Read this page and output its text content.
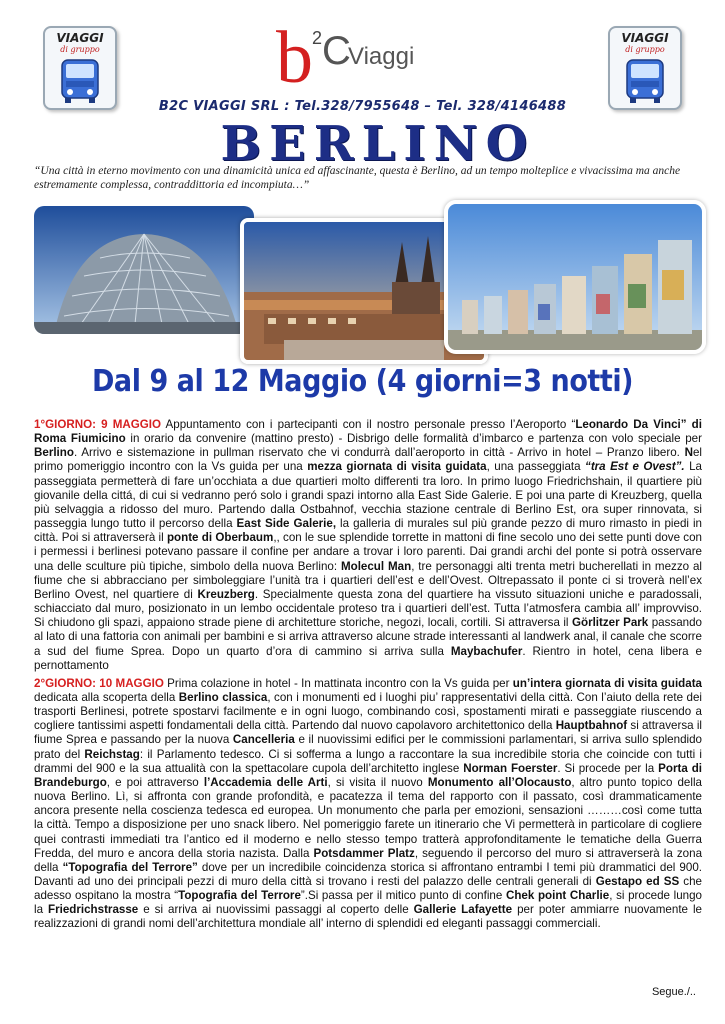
VIAGGI
di gruppo
VIAGGI
di gruppo
b 2 C
Viaggi
B2C VIAGGI SRL : Tel.328/7955648 – Tel. 328/4146488
BERLINO
“Una città in eterno movimento con una dinamicità unica ed affascinante, questa è Berlino, ad un tempo molteplice e vivacissima ma anche estremamente complessa, contraddittoria ed incompiuta…”
Dal 9 al 12 Maggio (4 giorni=3 notti)

1°GIORNO: 9 MAGGIO Appuntamento con i partecipanti con il nostro personale presso l’Aeroporto “Leonardo Da Vinci” di Roma Fiumicino in orario da convenire (mattino presto) - Disbrigo delle formalità d’imbarco e partenza con volo speciale per Berlino. Arrivo e sistemazione in pullman riservato che vi condurrà dall’aeroporto in città - Arrivo in hotel – Pranzo libero. Nel primo pomeriggio incontro con la Vs guida per una mezza giornata di visita guidata, una passeggiata “tra Est e Ovest”. La passeggiata permetterà di fare un’occhiata a due quartieri molto differenti tra loro. In primo luogo Friedrichshain, il quartiere più giovanile della cittá, di cui si vedranno peró solo i grandi spazi intorno alla East Side Galerie. E poi una parte di Kreuzberg, quella più selvaggia a ridosso del muro. Partendo dalla Ostbahnof, vecchia stazione centrale di Berlino Est, ora super rinnovata, si passeggia lungo tutto il percorso della East Side Galerie, la galleria di murales sul più grande pezzo di muro rimasto in piedi in città. Poi si attraverserà il ponte di Oberbaum,, con le sue splendide torrette in mattoni di fine secolo uno dei sette punti dove con i permessi i berlinesi potevano passare il confine per andare a trovar i loro parenti. Dai grandi archi del ponte si potrà osservare una delle sculture più tipiche, simbolo della nuova Berlino: Molecul Man, tre personaggi alti trenta metri bucherellati in mezzo al fiume che si abbracciano per simboleggiare l’unità tra i quartieri dell’est e dell’Ovest. Oltrepassato il ponte ci si troverà nell’ex Berlino Ovest, nel quartiere di Kreuzberg. Specialmente questa zona del quartiere ha vissuto situazioni uniche e paradossali, schiacciato dal muro, posizionato in un lembo occidentale proteso tra i quartieri dell’est. Tutta l’atmosfera cambia all’ improvviso. Si chiudono gli spazi, appaiono strade piene di architetture storiche, negozi, locali, cortili. Si attraversa il Görlitzer Park passando al lato di una fattoria con animali per bambini e si arriva attraverso alcune strade interessanti al landwerk anal, il canale che scorre a sud del fiume Sprea. Dopo un quarto d’ora di cammino si arriva sulla Maybachufer. Rientro in hotel, cena libera e pernottamento

2°GIORNO: 10 MAGGIO Prima colazione in hotel - In mattinata incontro con la Vs guida per un’intera giornata di visita guidata dedicata alla scoperta della Berlino classica, con i monumenti ed i luoghi piu’ rappresentativi della città. Con l’aiuto della rete dei trasporti Berlinesi, potrete spostarvi facilmente e in ogni luogo, combinando così, spostamenti mirati e passeggiate riuscendo a cogliere tantissimi aspetti fondamentali della città. Partendo dal nuovo capolavoro architettonico della Hauptbahnof si attraversa il fiume Sprea e passando per la nuova Cancelleria e il nuovissimi edifici per le commissioni parlamentari, si arriva sullo splendido prato del Reichstag: il Parlamento tedesco. Ci si sofferma a lungo a raccontare la sua incredibile storia che coincide con tutti i drammi del 900 e la sua attualità con la spettacolare cupola dell’architetto inglese Norman Foerster. Si procede per la Porta di Brandeburgo, e poi attraverso l’Accademia delle Arti, si visita il nuovo Monumento all’Olocausto, altro punto topico della nuova Berlino. Lì, si affronta con grande profondità, e pacatezza il tema del rapporto con il passato, così drammaticamente ancora presente nella coscienza tedesca ed europea. Un monumento che parla per emozioni, sensazioni ………così come tutta la città. Tempo a disposizione per uno snack libero. Nel pomeriggio farete un itinerario che Vi permetterà in particolare di cogliere quei contrasti immediati tra l’antico ed il moderno e nello stesso tempo tratterà approfonditamente le tematiche della Guerra Fredda, del muro e ancora della storia nazista. Dalla Potsdammer Platz, seguendo il percorso del muro si attraverserà la zona della “Topografia del Terrore” dove per un incredibile coincidenza storica si affrontano entrambi I temi più drammatici del 900. Davanti ad uno dei principali pezzi di muro della città si trovano i resti del palazzo delle centrali generali di Gestapo ed SS che adesso ospitano la mostra “Topografia del Terrore”.Si passa per il mitico punto di confine Chek point Charlie, si procede lungo la Friedrichstrasse e si arriva ai nuovissimi passaggi al coperto delle Gallerie Lafayette per poter ammiarre nuovamente le realizzazioni di grandi nomi dell’architettura mondiale all’ interno di splendidi ed eleganti passaggi commerciali.

Segue./..
